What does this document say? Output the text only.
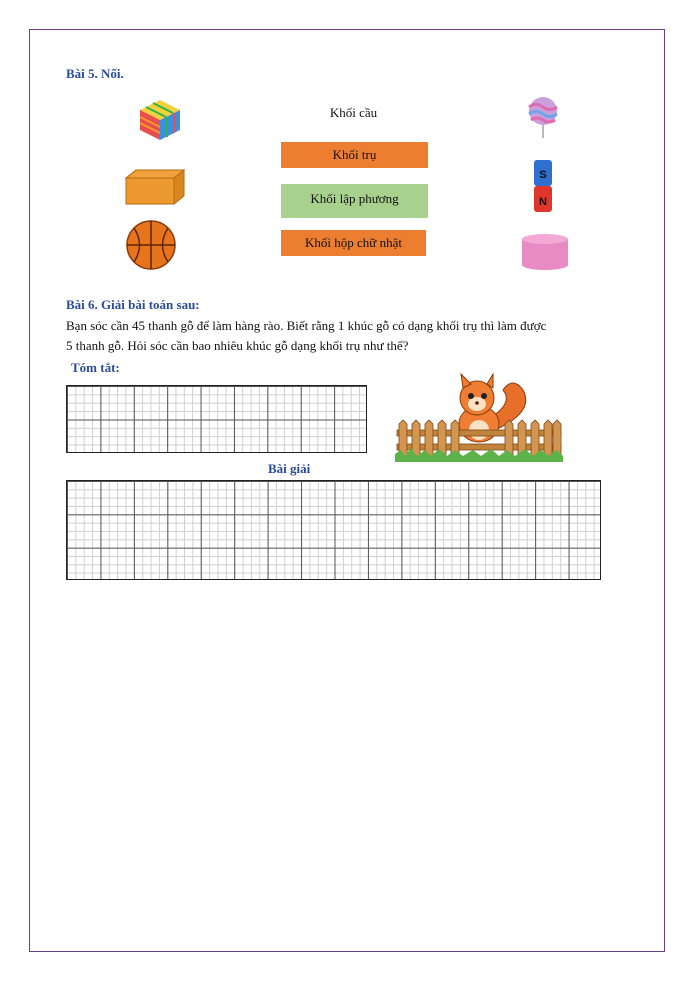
Bài 5. Nối.
Khối cầu
Khối trụ
Khối lập phương
Khối hộp chữ nhật
S
N
Bài 6. Giải bài toán sau:
Bạn sóc cần 45 thanh gỗ để làm hàng rào. Biết rằng 1 khúc gỗ có dạng khối trụ thì làm được
5 thanh gỗ. Hỏi sóc cần bao nhiêu khúc gỗ dạng khối trụ như thế?
Tóm tắt:
Bài giải
